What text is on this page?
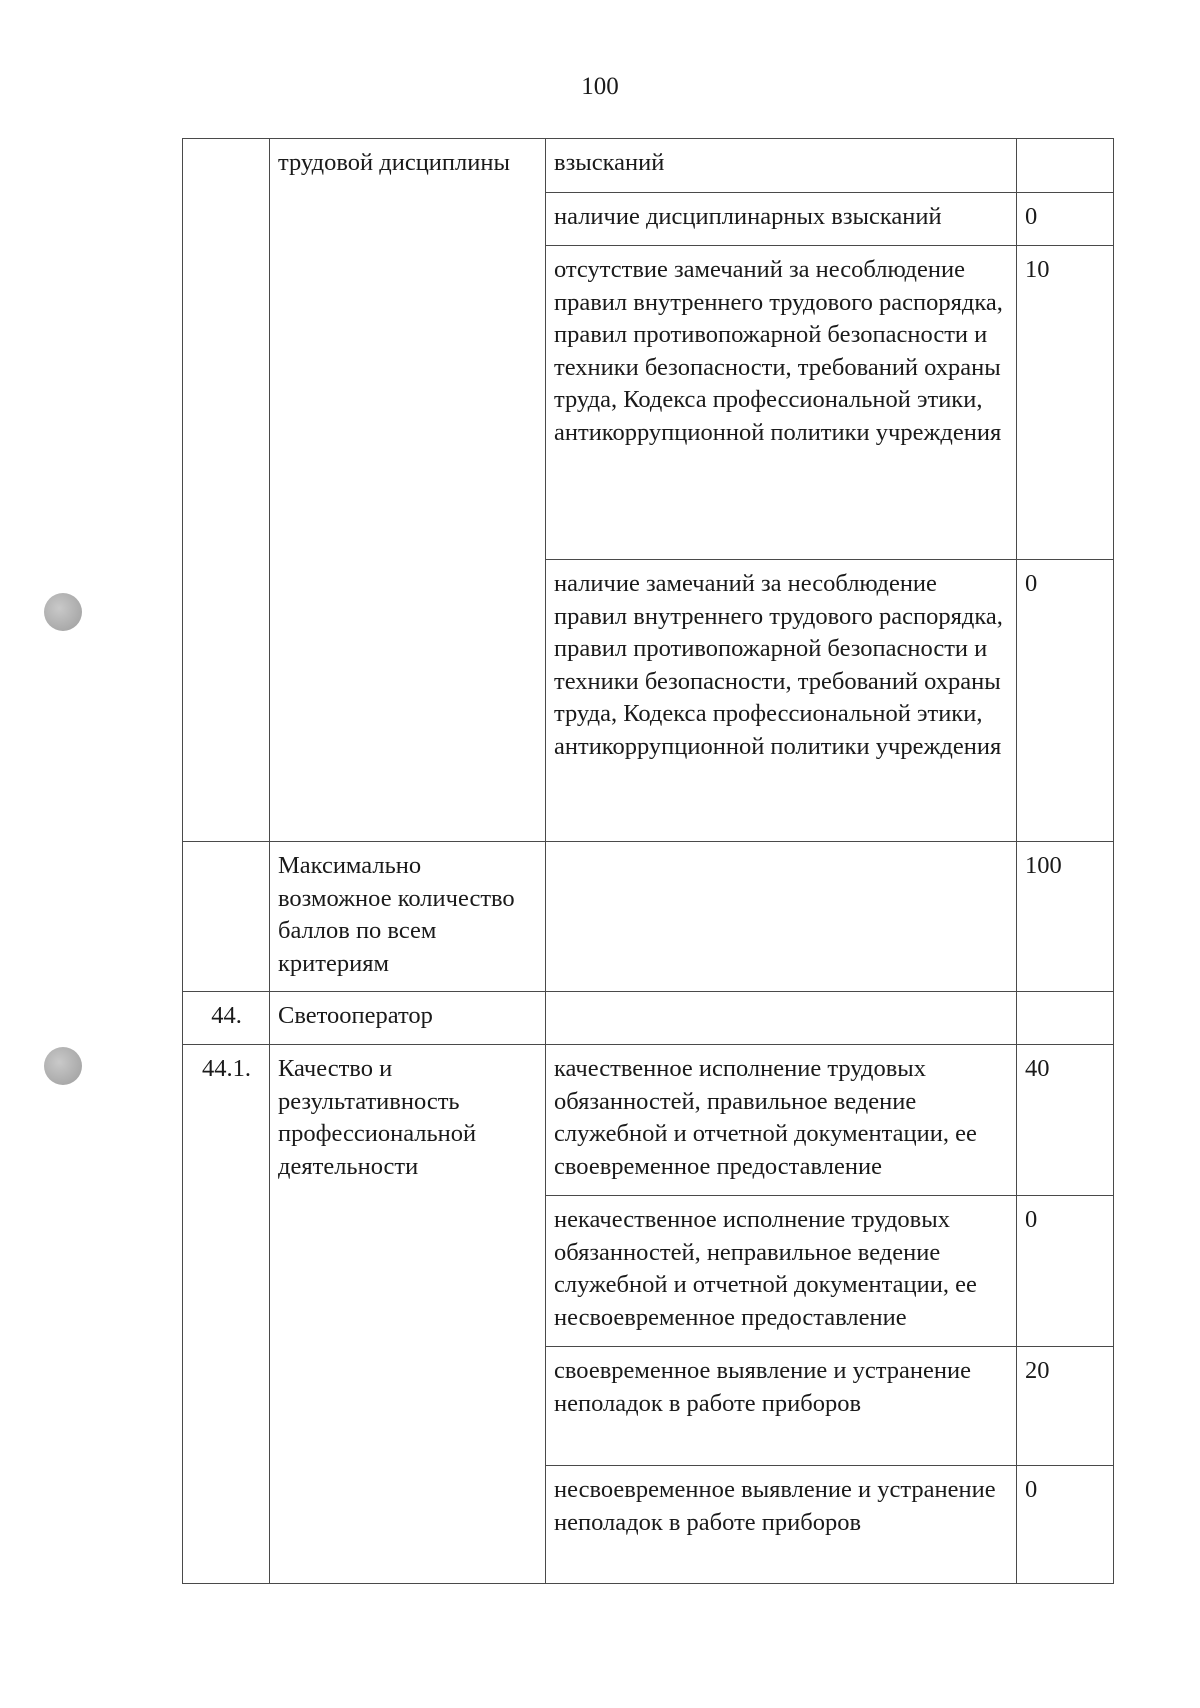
100
	трудовой дисциплины	взысканий	
		наличие дисциплинарных взысканий	0
		отсутствие замечаний за несоблюдение правил внутреннего трудового распорядка, правил противопожарной безопасности и техники безопасности, требований охраны труда, Кодекса профессиональной этики, антикоррупционной политики учреждения	10
		наличие замечаний за несоблюдение правил внутреннего трудового распорядка, правил противопожарной безопасности и техники безопасности, требований охраны труда, Кодекса профессиональной этики, антикоррупционной политики учреждения	0
	Максимально возможное количество баллов по всем критериям		100
44.	Светооператор		
44.1.	Качество и результативность профессиональной деятельности	качественное исполнение трудовых обязанностей, правильное ведение служебной и отчетной документации, ее своевременное предоставление	40
		некачественное исполнение трудовых обязанностей, неправильное ведение служебной и отчетной документации, ее несвоевременное предоставление	0
		своевременное выявление и устранение неполадок в работе приборов	20
		несвоевременное выявление и устранение неполадок в работе приборов	0
